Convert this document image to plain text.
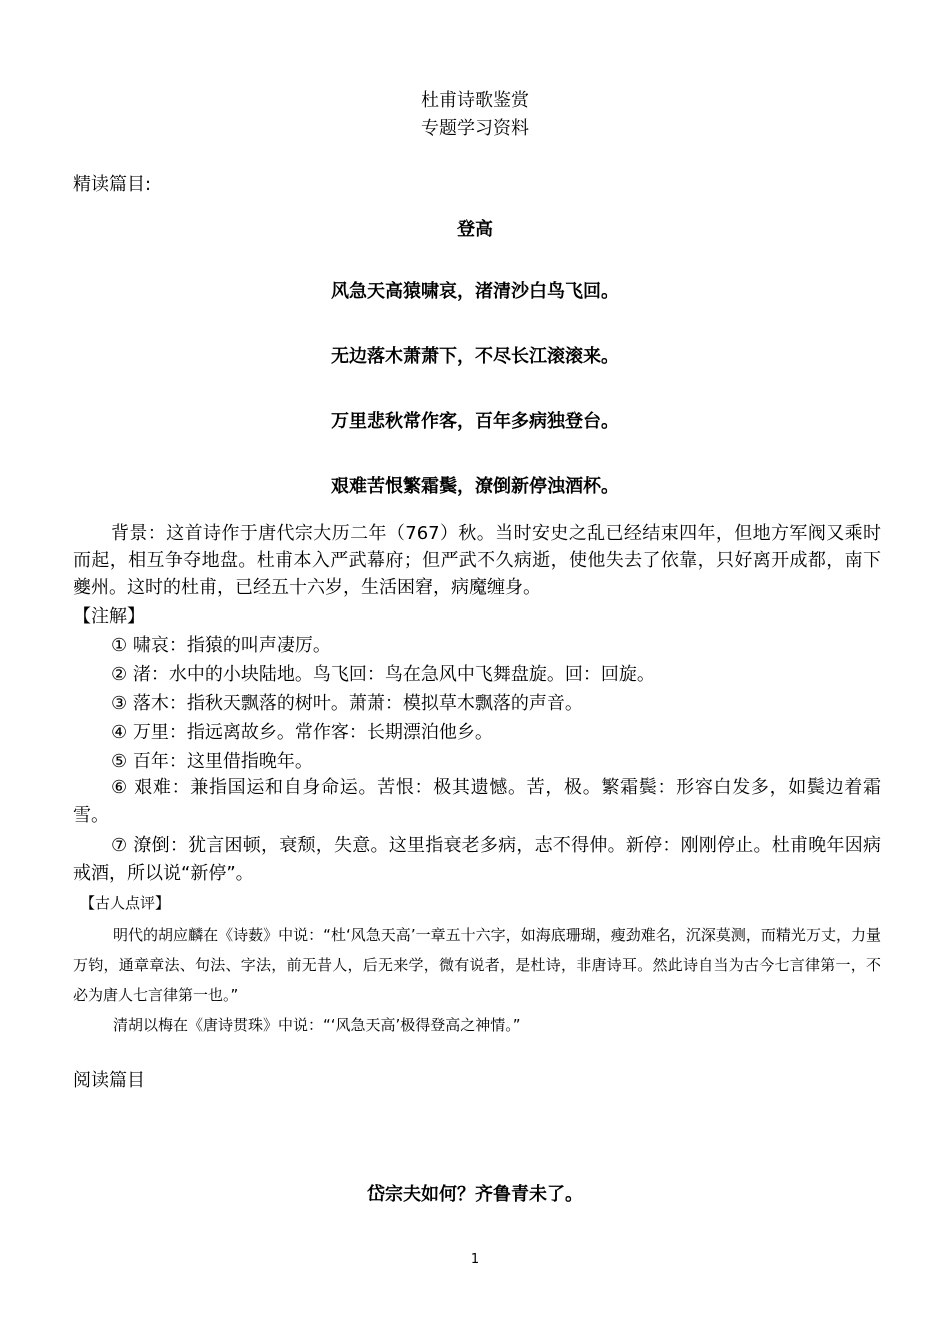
杜甫诗歌鉴赏
专题学习资料
精读篇目:
登高
风急天高猿啸哀，渚清沙白鸟飞回。
无边落木萧萧下，不尽长江滚滚来。
万里悲秋常作客，百年多病独登台。
艰难苦恨繁霜鬓，潦倒新停浊酒杯。
背景：这首诗作于唐代宗大历二年（767）秋。当时安史之乱已经结束四年，但地方军阀又乘时而起，相互争夺地盘。杜甫本入严武幕府；但严武不久病逝，使他失去了依靠，只好离开成都，南下夔州。这时的杜甫，已经五十六岁，生活困窘，病魔缠身。
【注解】
① 啸哀：指猿的叫声凄厉。
② 渚：水中的小块陆地。鸟飞回：鸟在急风中飞舞盘旋。回：回旋。
③ 落木：指秋天飘落的树叶。萧萧：模拟草木飘落的声音。
④ 万里：指远离故乡。常作客：长期漂泊他乡。
⑤ 百年：这里借指晚年。
⑥ 艰难：兼指国运和自身命运。苦恨：极其遗憾。苦，极。繁霜鬓：形容白发多，如鬓边着霜雪。
⑦ 潦倒：犹言困顿，衰颓，失意。这里指衰老多病，志不得伸。新停：刚刚停止。杜甫晚年因病戒酒，所以说“新停”。
【古人点评】
明代的胡应麟在《诗薮》中说：“杜‘风急天高’一章五十六字，如海底珊瑚，瘦劲难名，沉深莫测，而精光万丈，力量万钧，通章章法、句法、字法，前无昔人，后无来学，微有说者，是杜诗，非唐诗耳。然此诗自当为古今七言律第一，不必为唐人七言律第一也。”
清胡以梅在《唐诗贯珠》中说：“‘风急天高’极得登高之神情。”
阅读篇目
岱宗夫如何？齐鲁青未了。
1
